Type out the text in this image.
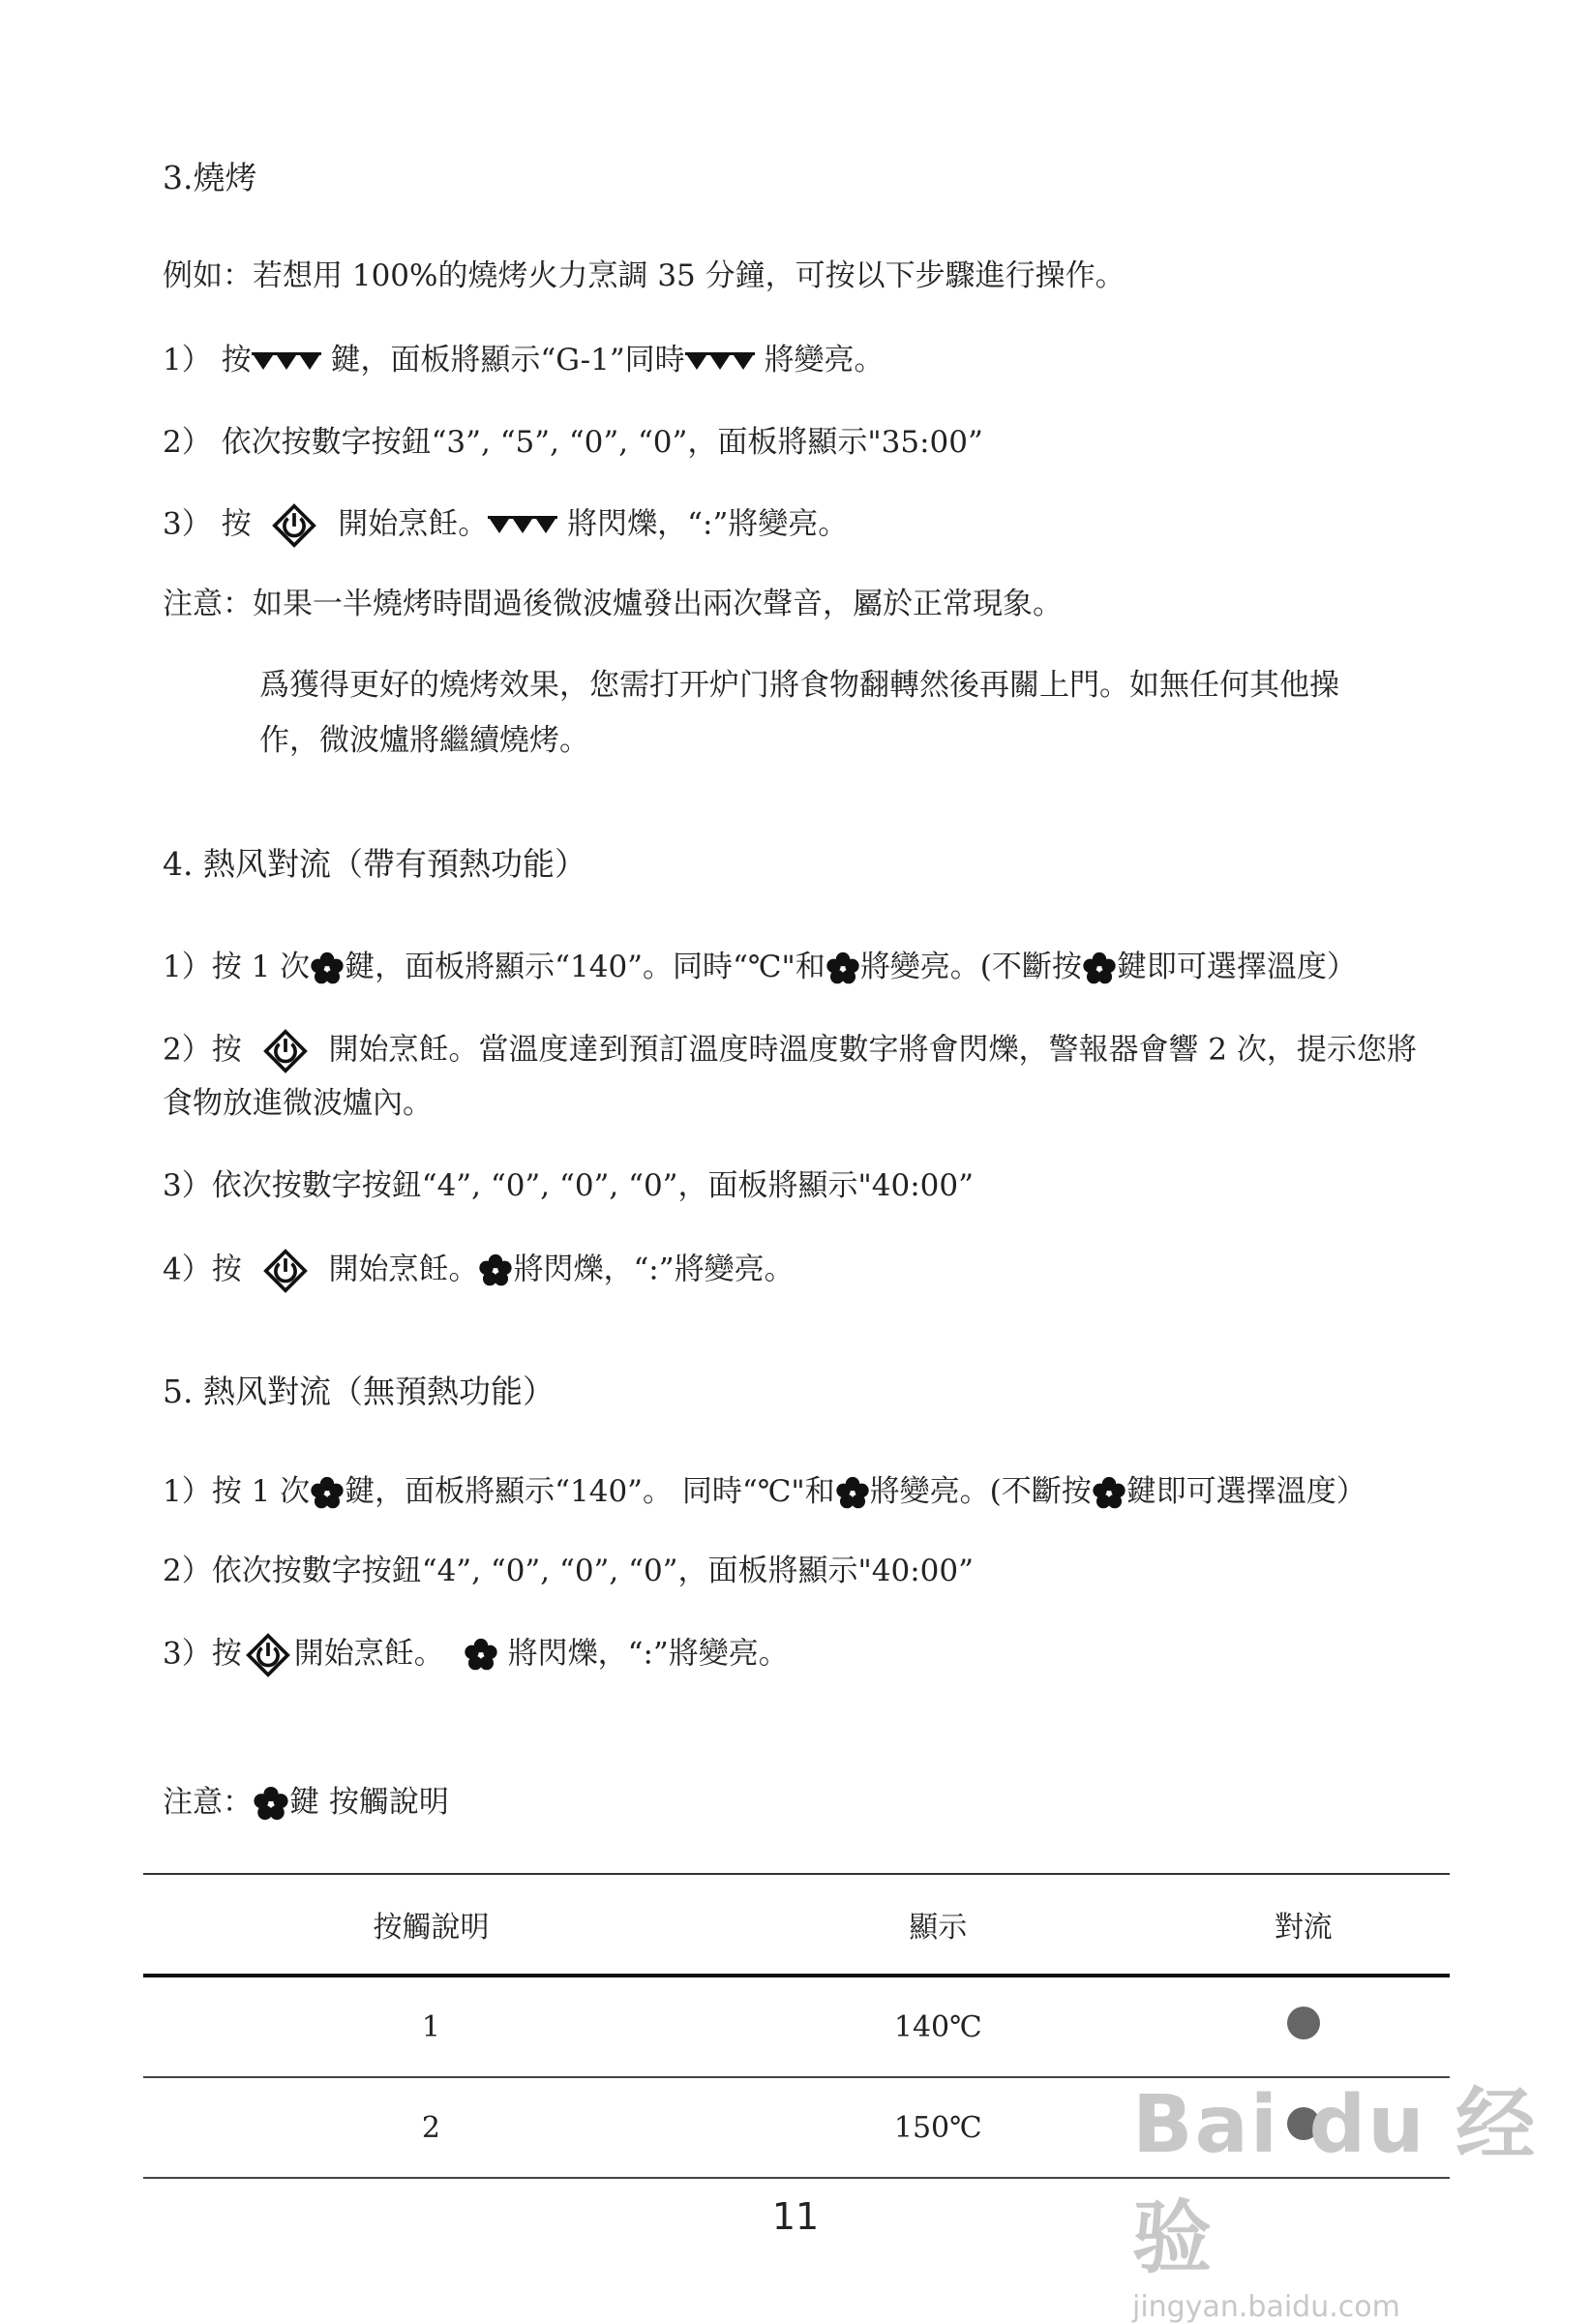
3.燒烤
例如：若想用 100%的燒烤火力烹調 35 分鐘，可按以下步驟進行操作。
1） 按	鍵，面板將顯示“G-1”同時	將變亮。
2） 依次按數字按鈕“3”, “5”, “0”, “0”，面板將顯示"35:00”
3） 按	開始烹飪。	將閃爍，“:”將變亮。
注意：如果一半燒烤時間過後微波爐發出兩次聲音，屬於正常現象。
爲獲得更好的燒烤效果，您需打开炉门將食物翻轉然後再關上門。如無任何其他操
作，微波爐將繼續燒烤。
4. 熱风對流（帶有預熱功能）
1）按 1 次 鍵，面板將顯示“140”。同時“℃"和 將變亮。(不斷按 鍵即可選擇溫度）
2）按	開始烹飪。當溫度達到預訂溫度時溫度數字將會閃爍，警報器會響 2 次，提示您將
食物放進微波爐內。
3）依次按數字按鈕“4”, “0”, “0”, “0”，面板將顯示"40:00”
4）按	開始烹飪。 將閃爍，“:”將變亮。
5. 熱风對流（無預熱功能）
1）按 1 次 鍵，面板將顯示“140”。 同時“℃"和 將變亮。(不斷按 鍵即可選擇溫度）
2）依次按數字按鈕“4”, “0”, “0”, “0”，面板將顯示"40:00”
3）按 開始烹飪。 將閃爍，“:”將變亮。
注意： 鍵 按觸說明
按觸說明	顯示	對流
1	140℃	
2	150℃	Bai du 经验
jingyan.baidu.com
11
